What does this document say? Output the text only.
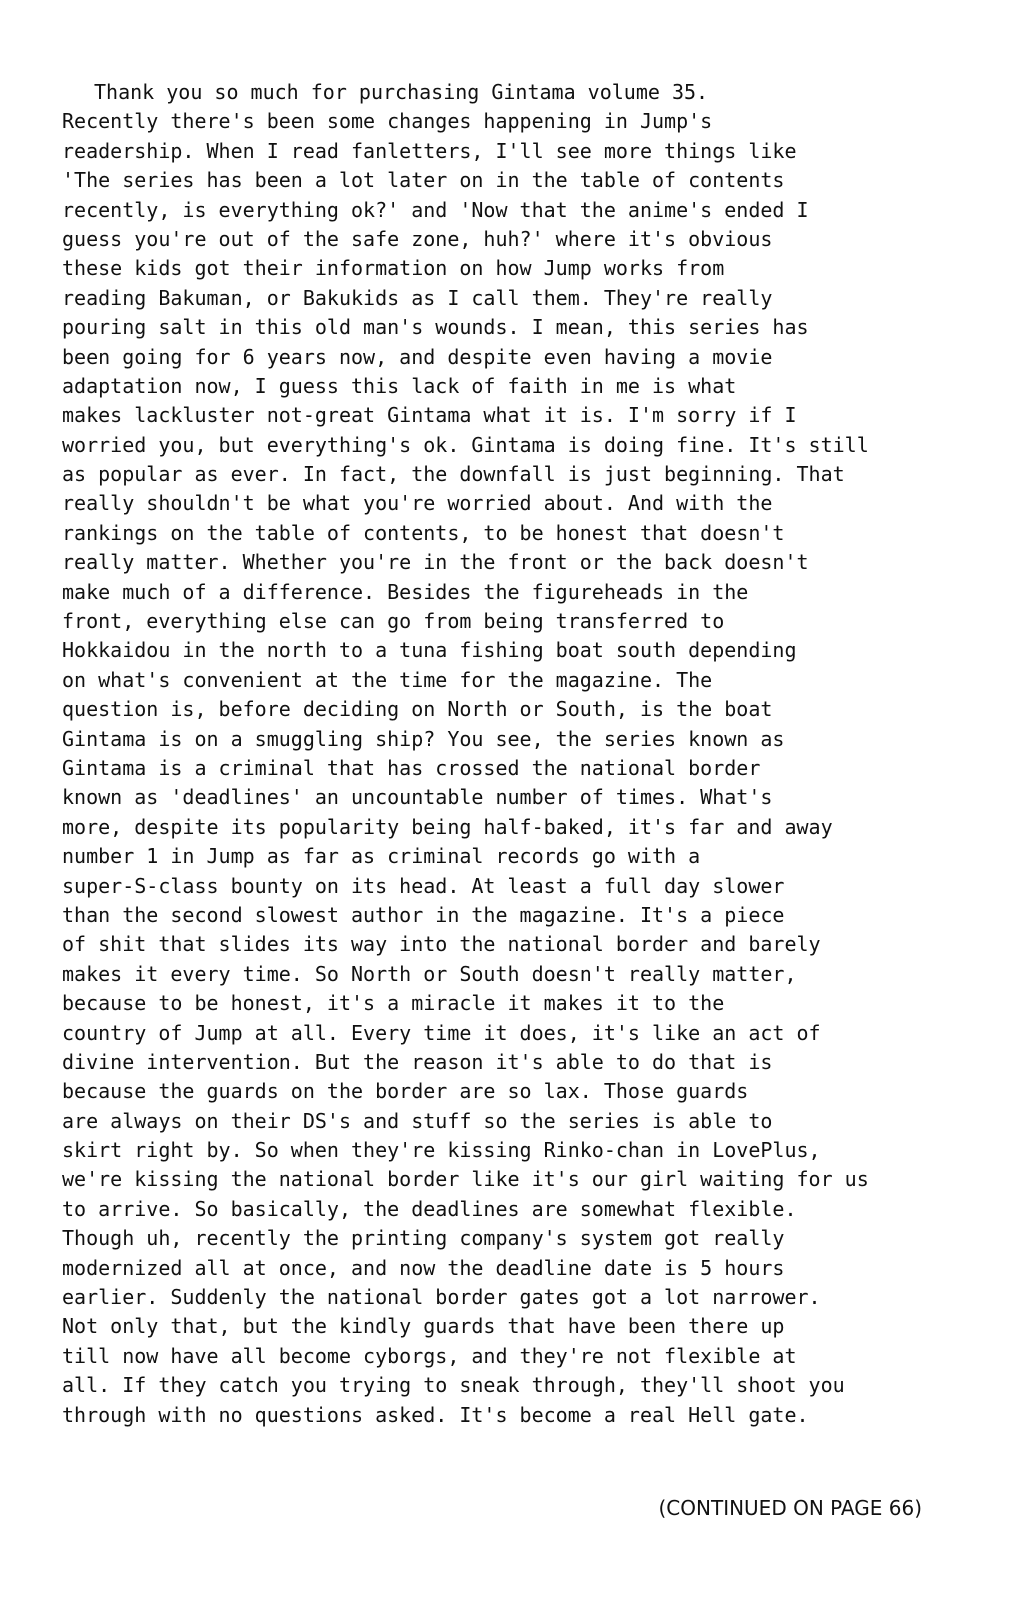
Thank you so much for purchasing Gintama volume 35.
Recently there's been some changes happening in Jump's
readership. When I read fanletters, I'll see more things like
'The series has been a lot later on in the table of contents
recently, is everything ok?' and 'Now that the anime's ended I
guess you're out of the safe zone, huh?' where it's obvious
these kids got their information on how Jump works from
reading Bakuman, or Bakukids as I call them. They're really
pouring salt in this old man's wounds. I mean, this series has
been going for 6 years now, and despite even having a movie
adaptation now, I guess this lack of faith in me is what
makes lackluster not-great Gintama what it is. I'm sorry if I
worried you, but everything's ok. Gintama is doing fine. It's still
as popular as ever. In fact, the downfall is just beginning. That
really shouldn't be what you're worried about. And with the
rankings on the table of contents, to be honest that doesn't
really matter. Whether you're in the front or the back doesn't
make much of a difference. Besides the figureheads in the
front, everything else can go from being transferred to
Hokkaidou in the north to a tuna fishing boat south depending
on what's convenient at the time for the magazine. The
question is, before deciding on North or South, is the boat
Gintama is on a smuggling ship? You see, the series known as
Gintama is a criminal that has crossed the national border
known as 'deadlines' an uncountable number of times. What's
more, despite its popularity being half-baked, it's far and away
number 1 in Jump as far as criminal records go with a
super-S-class bounty on its head. At least a full day slower
than the second slowest author in the magazine. It's a piece
of shit that slides its way into the national border and barely
makes it every time. So North or South doesn't really matter,
because to be honest, it's a miracle it makes it to the
country of Jump at all. Every time it does, it's like an act of
divine intervention. But the reason it's able to do that is
because the guards on the border are so lax. Those guards
are always on their DS's and stuff so the series is able to
skirt right by. So when they're kissing Rinko-chan in LovePlus,
we're kissing the national border like it's our girl waiting for us
to arrive. So basically, the deadlines are somewhat flexible.
Though uh, recently the printing company's system got really
modernized all at once, and now the deadline date is 5 hours
earlier. Suddenly the national border gates got a lot narrower.
Not only that, but the kindly guards that have been there up
till now have all become cyborgs, and they're not flexible at
all. If they catch you trying to sneak through, they'll shoot you
through with no questions asked. It's become a real Hell gate.
(CONTINUED ON PAGE 66)
